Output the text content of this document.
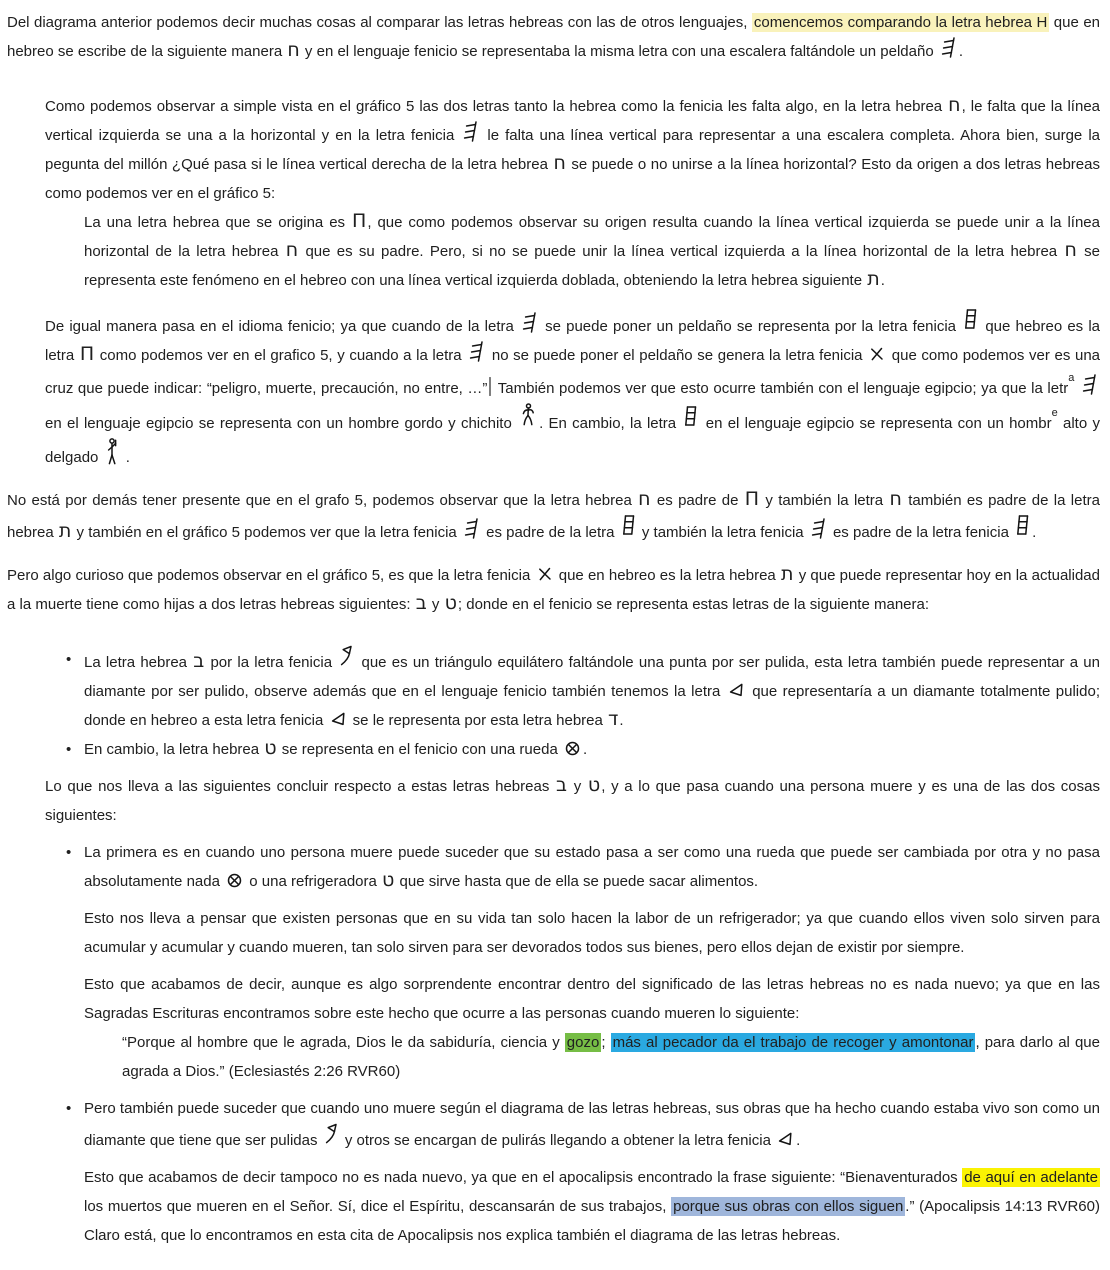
Del diagrama anterior podemos decir muchas cosas al comparar las letras hebreas con las de otros lenguajes, comencemos comparando la letra hebrea H que en hebreo se escribe de la siguiente manera ח y en el lenguaje fenicio se representaba la misma letra con una escalera faltándole un peldaño .
Como podemos observar a simple vista en el gráfico 5 las dos letras tanto la hebrea como la fenicia les falta algo, en la letra hebrea ח, le falta que la línea vertical izquierda se una a la horizontal y en la letra fenicia  le falta una línea vertical para representar a una escalera completa. Ahora bien, surge la pegunta del millón ¿Qué pasa si le línea vertical derecha de la letra hebrea ח se puede o no unirse a la línea horizontal? Esto da origen a dos letras hebreas como podemos ver en el gráfico 5:
La una letra hebrea que se origina es Π, que como podemos observar su origen resulta cuando la línea vertical izquierda se puede unir a la línea horizontal de la letra hebrea ח que es su padre. Pero, si no se puede unir la línea vertical izquierda a la línea horizontal de la letra hebrea ח se representa este fenómeno en el hebreo con una línea vertical izquierda doblada, obteniendo la letra hebrea siguiente ת.
De igual manera pasa en el idioma fenicio; ya que cuando de la letra  se puede poner un peldaño se representa por la letra fenicia  que hebreo es la letra Π como podemos ver en el grafico 5, y cuando a la letra  no se puede poner el peldaño se genera la letra fenicia  que como podemos ver es una cruz que puede indicar: “peligro, muerte, precaución, no entre, …” También podemos ver que esto ocurre también con el lenguaje egipcio; ya que la letr$^a$  en el lenguaje egipcio se representa con un hombre gordo y chichito . En cambio, la letra  en el lenguaje egipcio se representa con un hombr$^e$ alto y delgado  .
No está por demás tener presente que en el grafo 5, podemos observar que la letra hebrea ח es padre de Π y también la letra ח también es padre de la letra hebrea ת y también en el gráfico 5 podemos ver que la letra fenicia  es padre de la letra  y también la letra fenicia  es padre de la letra fenicia .
Pero algo curioso que podemos observar en el gráfico 5, es que la letra fenicia  que en hebreo es la letra hebrea ת y que puede representar hoy en la actualidad a la muerte tiene como hijas a dos letras hebreas siguientes: ב y ט; donde en el fenicio se representa estas letras de la siguiente manera:
• La letra hebrea ב por la letra fenicia  que es un triángulo equilátero faltándole una punta por ser pulida, esta letra también puede representar a un diamante por ser pulido, observe además que en el lenguaje fenicio también tenemos la letra  que representaría a un diamante totalmente pulido; donde en hebreo a esta letra fenicia  se le representa por esta letra hebrea ד.
• En cambio, la letra hebrea ט se representa en el fenicio con una rueda .
Lo que nos lleva a las siguientes concluir respecto a estas letras hebreas ב y ט, y a lo que pasa cuando una persona muere y es una de las dos cosas siguientes:
• La primera es en cuando uno persona muere puede suceder que su estado pasa a ser como una rueda que puede ser cambiada por otra y no pasa absolutamente nada  o una refrigeradora ט que sirve hasta que de ella se puede sacar alimentos.
Esto nos lleva a pensar que existen personas que en su vida tan solo hacen la labor de un refrigerador; ya que cuando ellos viven solo sirven para acumular y acumular y cuando mueren, tan solo sirven para ser devorados todos sus bienes, pero ellos dejan de existir por siempre.
Esto que acabamos de decir, aunque es algo sorprendente encontrar dentro del significado de las letras hebreas no es nada nuevo; ya que en las Sagradas Escrituras encontramos sobre este hecho que ocurre a las personas cuando mueren lo siguiente:
“Porque al hombre que le agrada, Dios le da sabiduría, ciencia y gozo ; más al pecador da el trabajo de recoger y amontonar , para darlo al que agrada a Dios.” (Eclesiastés 2:26 RVR60)
• Pero también puede suceder que cuando uno muere según el diagrama de las letras hebreas, sus obras que ha hecho cuando estaba vivo son como un diamante que tiene que ser pulidas  y otros se encargan de pulirás llegando a obtener la letra fenicia .
Esto que acabamos de decir tampoco no es nada nuevo, ya que en el apocalipsis encontrado la frase siguiente: “Bienaventurados de aquí en adelante los muertos que mueren en el Señor. Sí, dice el Espíritu, descansarán de sus trabajos, porque sus obras con ellos siguen .” (Apocalipsis 14:13 RVR60) Claro está, que lo encontramos en esta cita de Apocalipsis nos explica también el diagrama de las letras hebreas.
